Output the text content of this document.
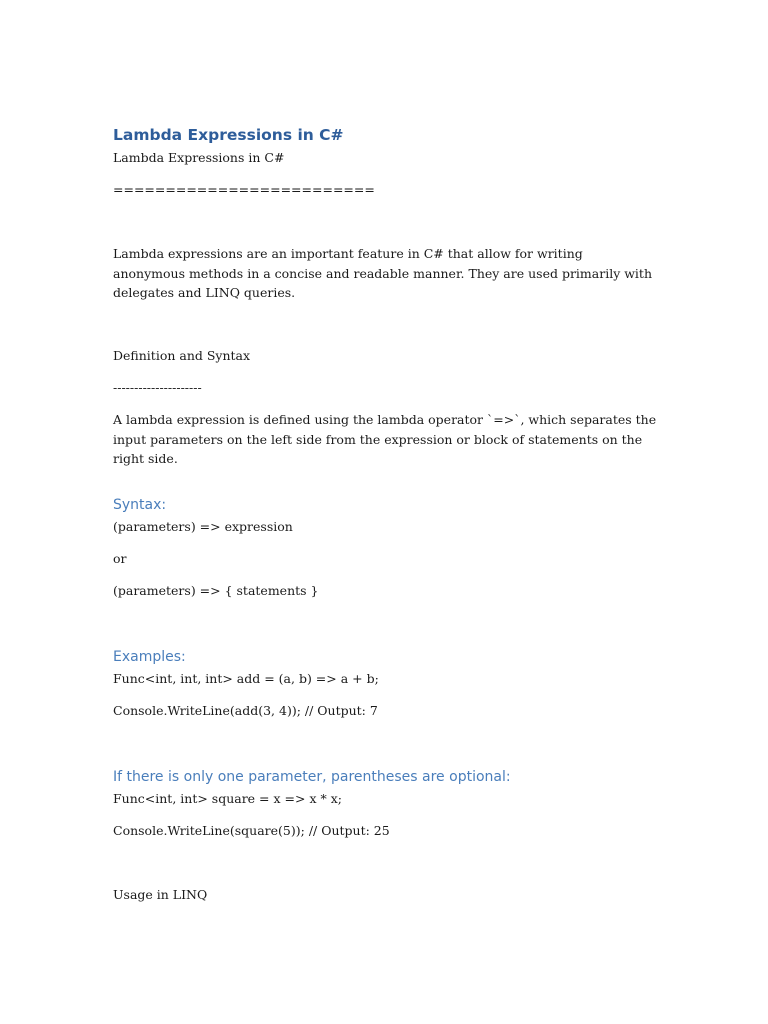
Lambda Expressions in C#
Lambda Expressions in C#
=========================
Lambda expressions are an important feature in C# that allow for writing anonymous methods in a concise and readable manner. They are used primarily with delegates and LINQ queries.
Definition and Syntax
---------------------
A lambda expression is defined using the lambda operator `=>`, which separates the input parameters on the left side from the expression or block of statements on the right side.
Syntax:
(parameters) => expression
or
(parameters) => { statements }
Examples:
Func<int, int, int> add = (a, b) => a + b;
Console.WriteLine(add(3, 4)); // Output: 7
If there is only one parameter, parentheses are optional:
Func<int, int> square = x => x * x;
Console.WriteLine(square(5)); // Output: 25
Usage in LINQ
